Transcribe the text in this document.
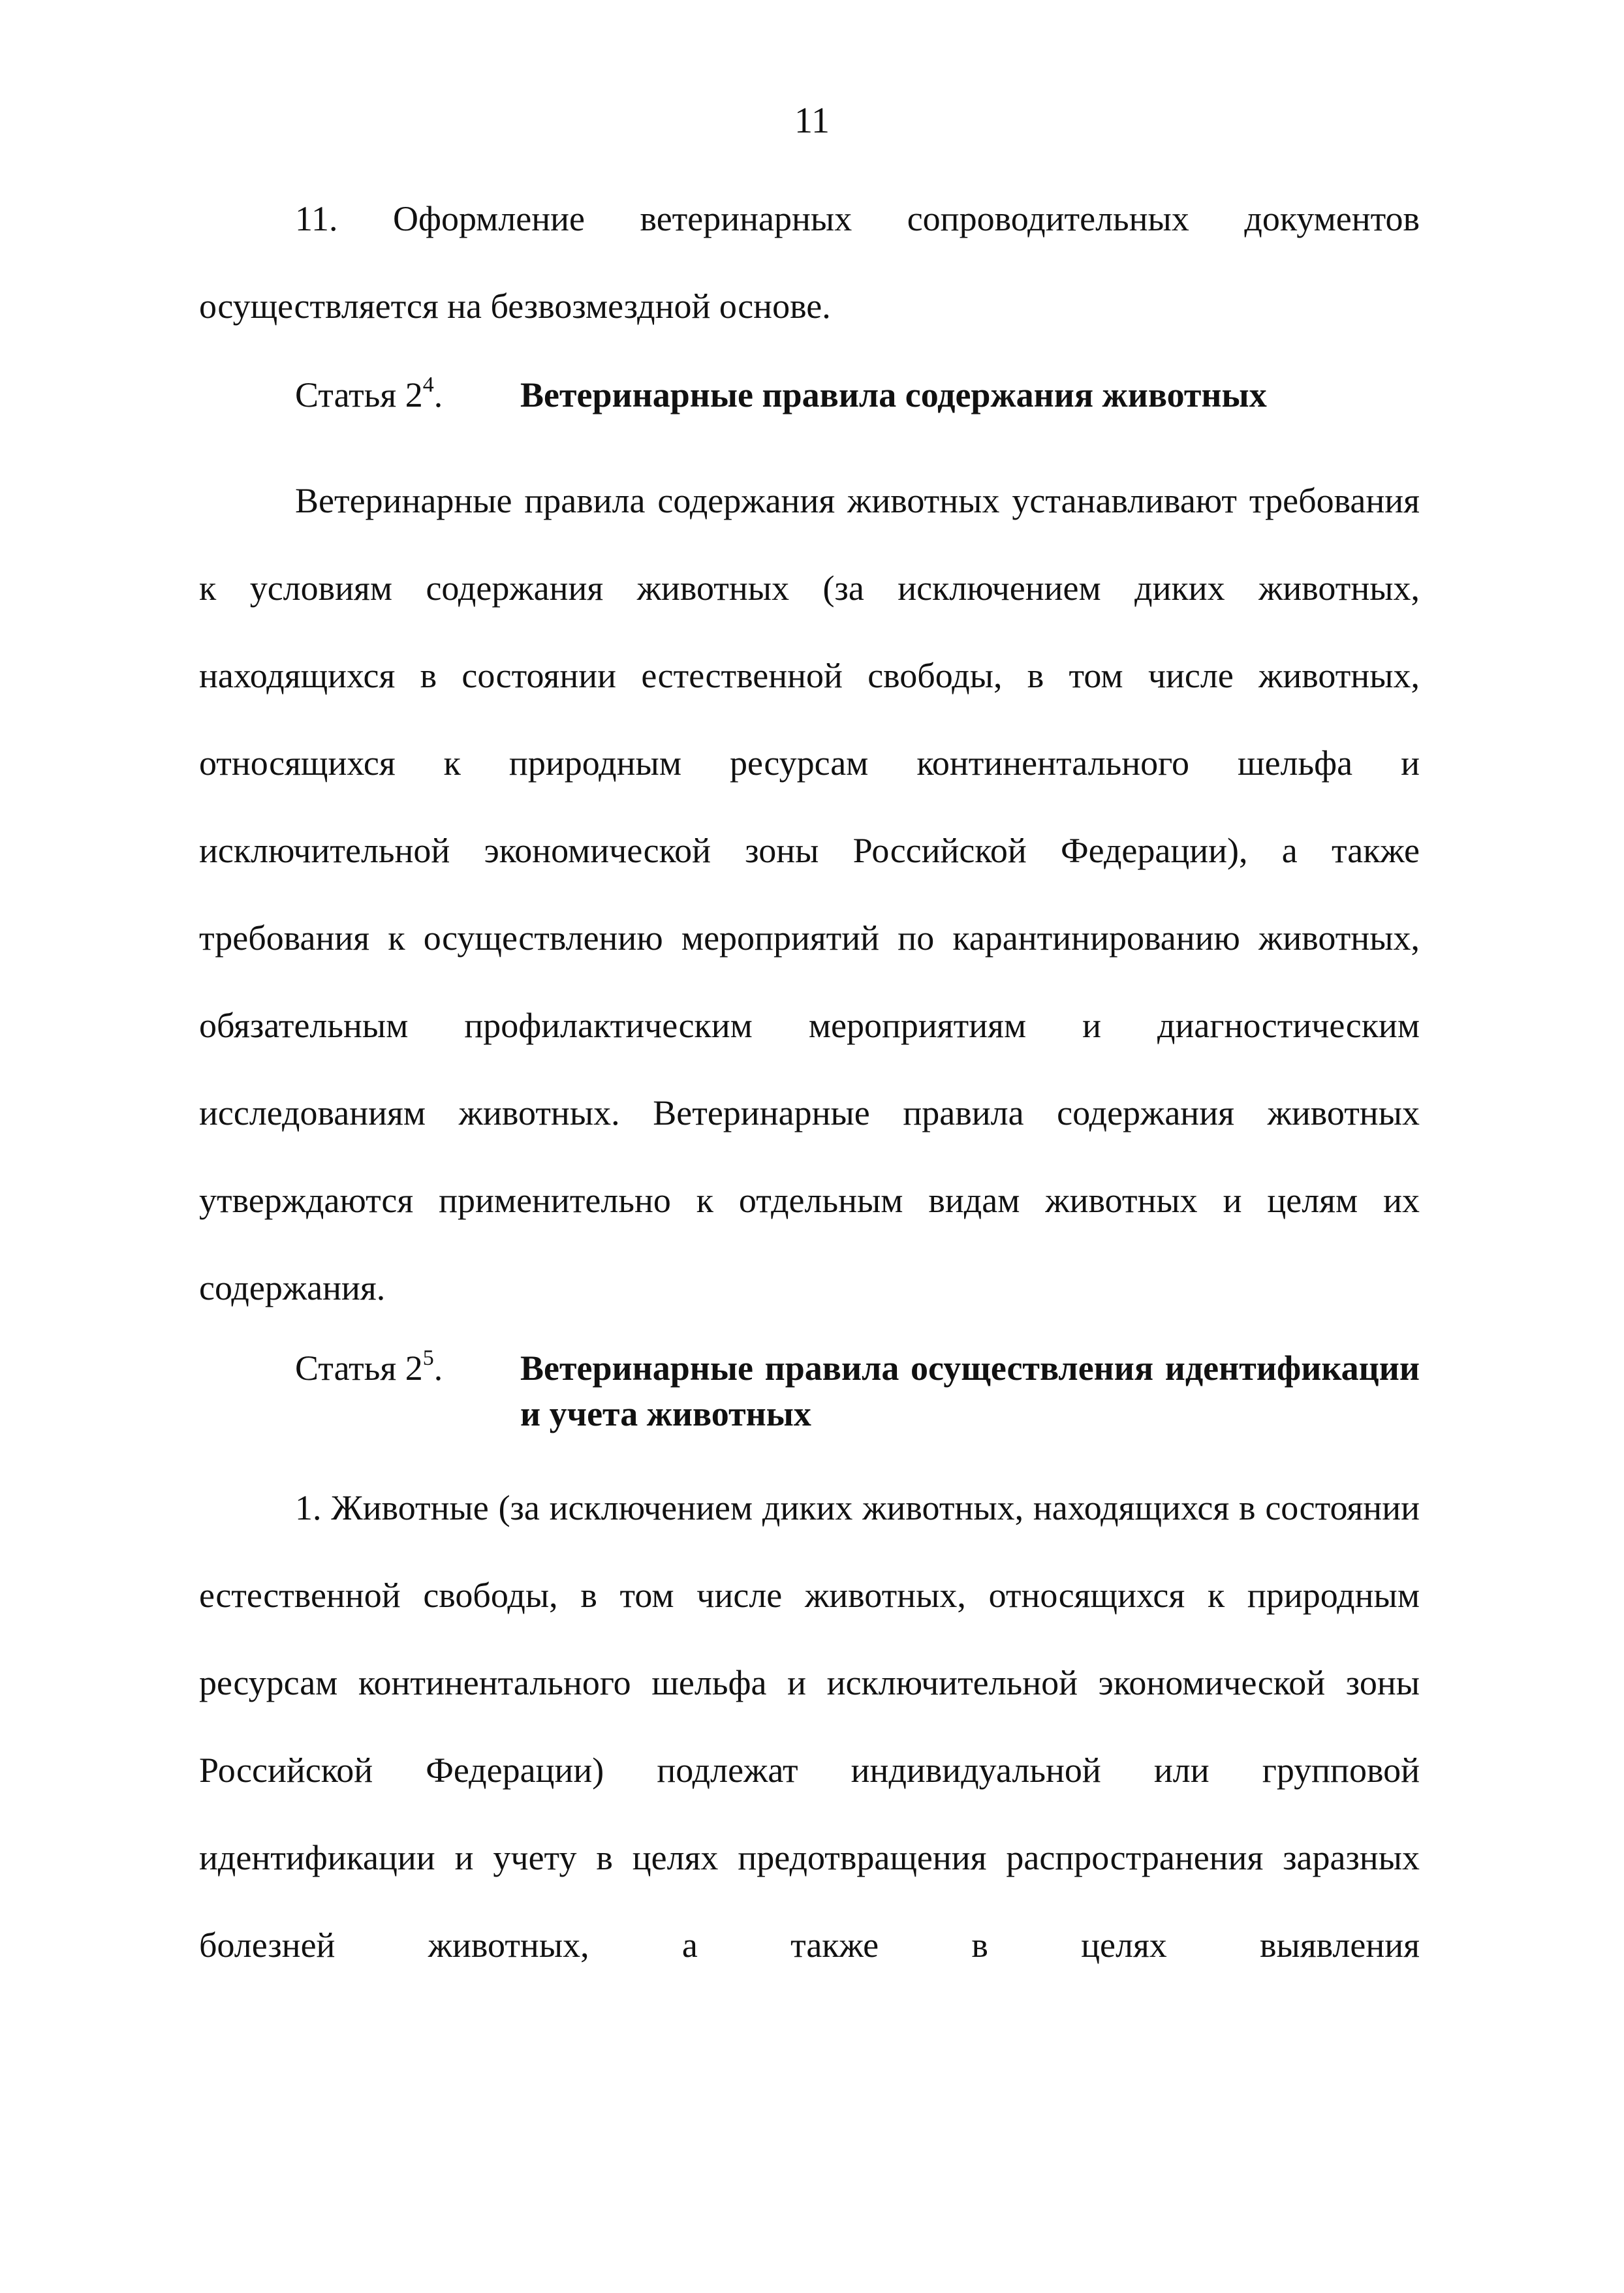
11

11. Оформление ветеринарных сопроводительных документов осуществляется на безвозмездной основе.

Статья $2^4$. Ветеринарные правила содержания животных

Ветеринарные правила содержания животных устанавливают требования к условиям содержания животных (за исключением диких животных, находящихся в состоянии естественной свободы, в том числе животных, относящихся к природным ресурсам континентального шельфа и исключительной экономической зоны Российской Федерации), а также требования к осуществлению мероприятий по карантинированию животных, обязательным профилактическим мероприятиям и диагностическим исследованиям животных. Ветеринарные правила содержания животных утверждаются применительно к отдельным видам животных и целям их содержания.

Статья $2^5$. Ветеринарные правила осуществления идентификации и учета животных

1. Животные (за исключением диких животных, находящихся в состоянии естественной свободы, в том числе животных, относящихся к природным ресурсам континентального шельфа и исключительной экономической зоны Российской Федерации) подлежат индивидуальной или групповой идентификации и учету в целях предотвращения распространения заразных болезней животных, а также в целях выявления
